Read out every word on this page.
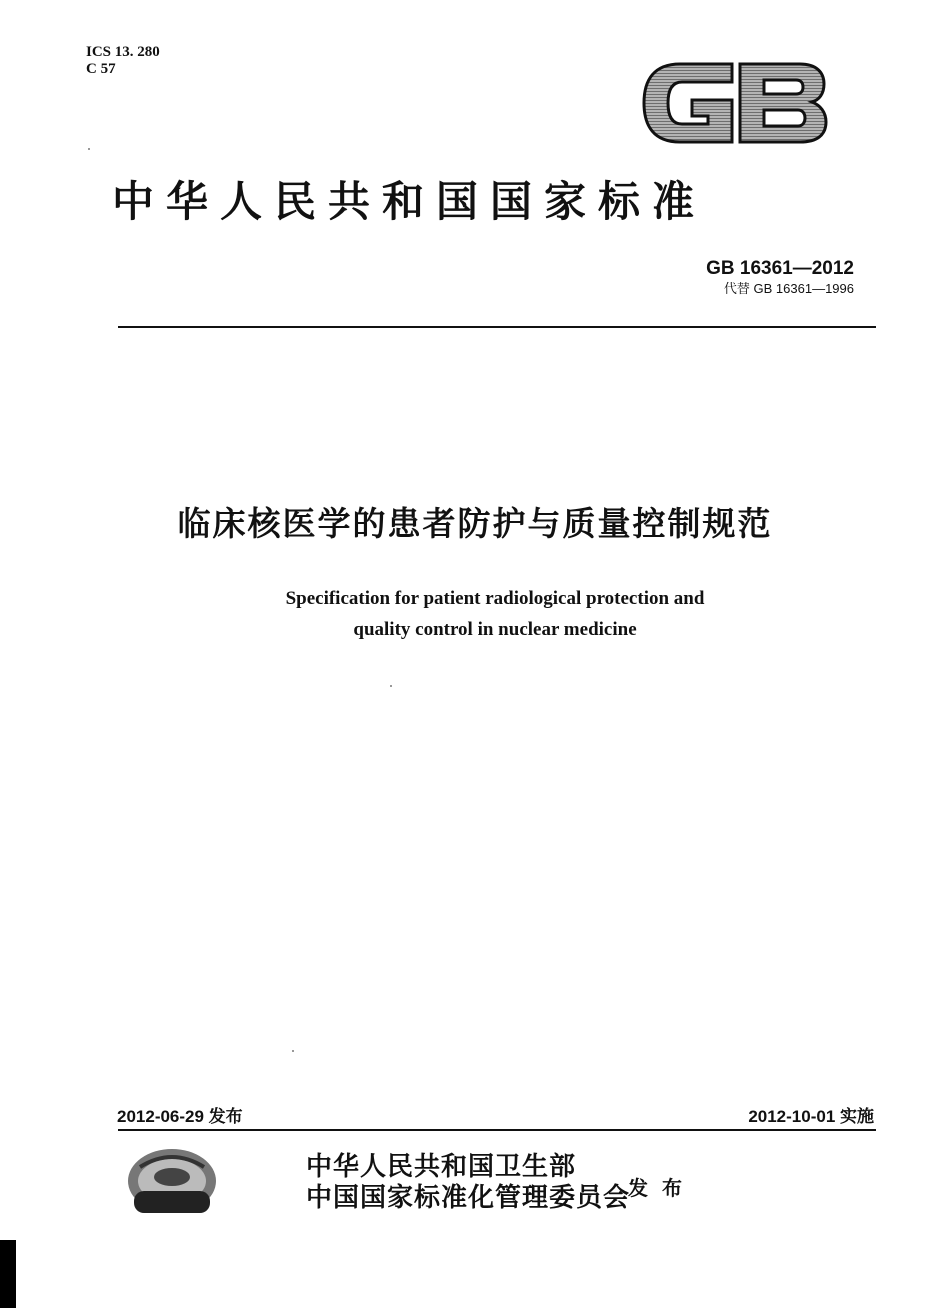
ICS 13. 280
C 57
中华人民共和国国家标准
GB 16361—2012
代替 GB 16361—1996
临床核医学的患者防护与质量控制规范
Specification for patient radiological protection and
quality control in nuclear medicine
2012-06-29 发布	2012-10-01 实施
中华人民共和国卫生部
中国国家标准化管理委员会
发布
